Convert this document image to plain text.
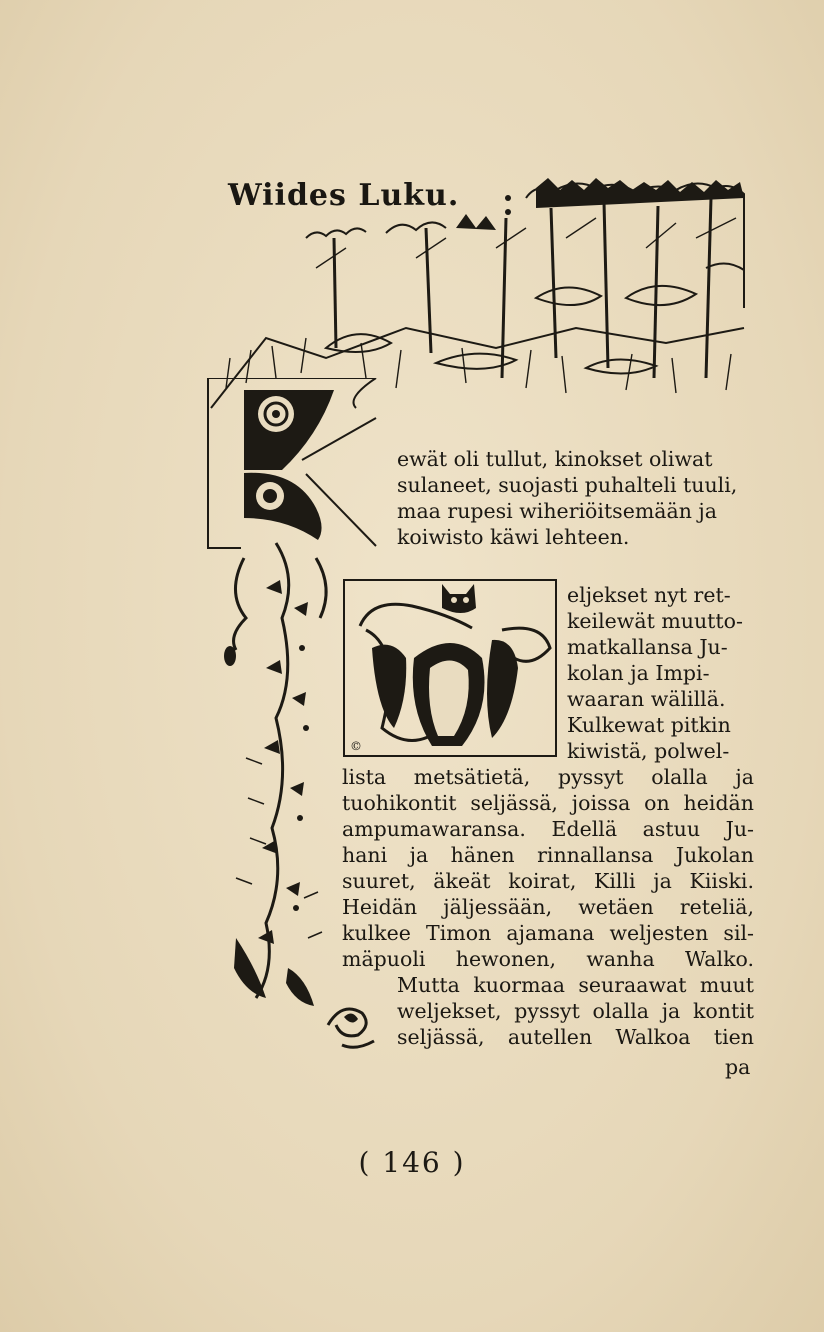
Wiides Luku.
©
ewät oli tullut, kinokset oliwat
sulaneet, suojasti puhalteli tuuli,
maa rupesi wiheriöitsemään ja
koiwisto käwi lehteen.
eljekset nyt ret-
keilewät muutto-
matkallansa Ju-
kolan ja Impi-
waaran wälillä.
Kulkewat pitkin
kiwistä, polwel-
lista metsätietä, pyssyt olalla ja
tuohikontit seljässä, joissa on heidän
ampumawaransa. Edellä astuu Ju-
hani ja hänen rinnallansa Jukolan
suuret, äkeät koirat, Killi ja Kiiski.
Heidän jäljessään, wetäen reteliä,
kulkee Timon ajamana weljesten sil-
mäpuoli hewonen, wanha Walko.
Mutta kuormaa seuraawat muut
weljekset, pyssyt olalla ja kontit
seljässä, autellen Walkoa tien
pa
( 146 )
